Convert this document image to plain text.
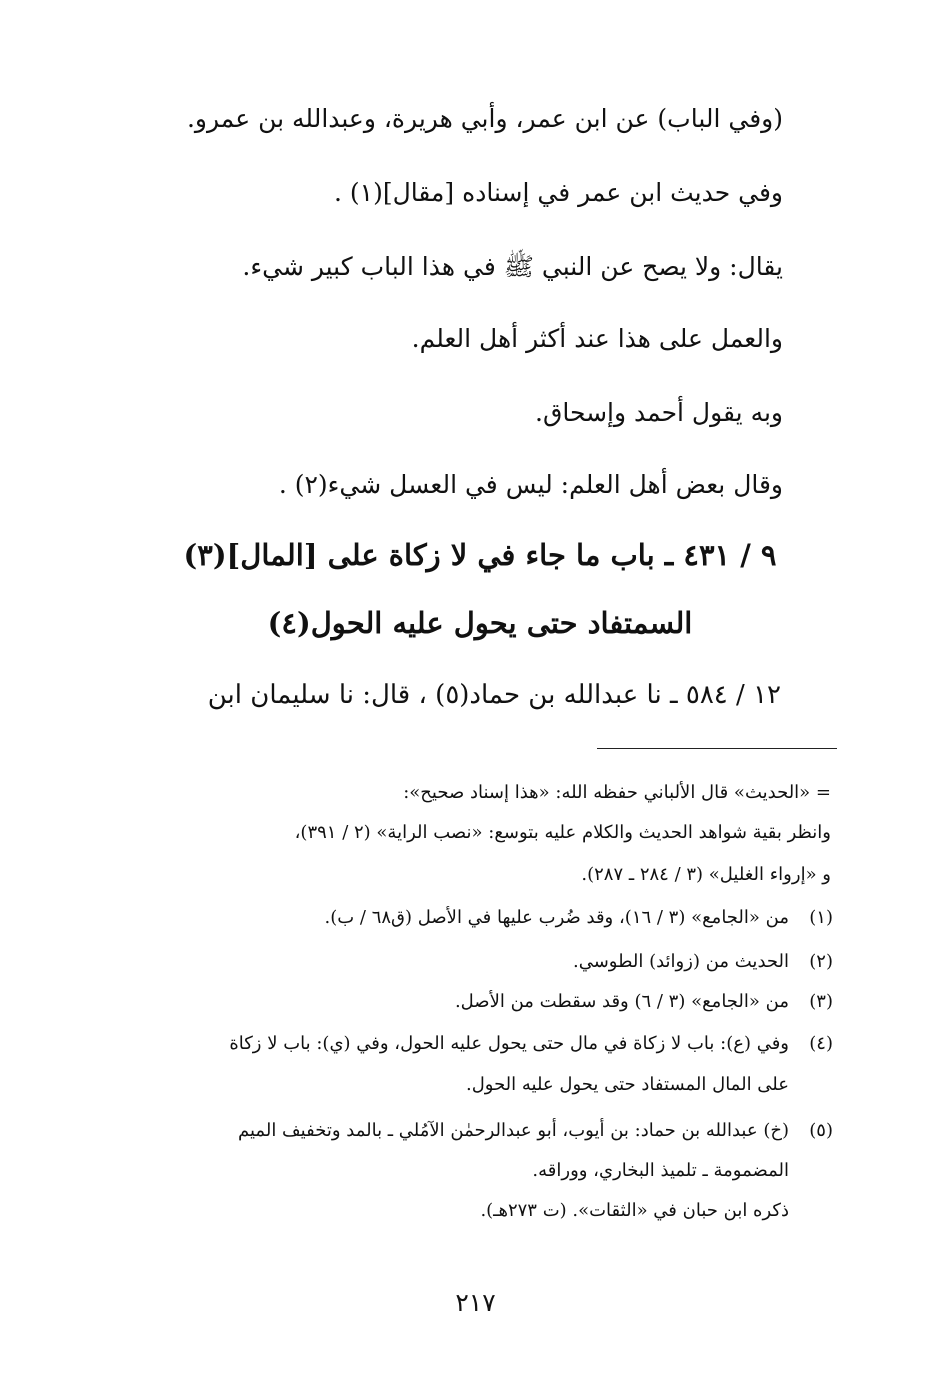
(وفي الباب) عن ابن عمر، وأبي هريرة، وعبدالله بن عمرو.

وفي حديث ابن عمر في إسناده [مقال](١) .

يقال: ولا يصح عن النبي ﷺ في هذا الباب كبير شيء.

والعمل على هذا عند أكثر أهل العلم.

وبه يقول أحمد وإسحاق.

وقال بعض أهل العلم: ليس في العسل شيء(٢) .

٩ / ٤٣١ ـ باب ما جاء في لا زكاة على [المال](٣)

السمتفاد حتى يحول عليه الحول(٤)

١٢ / ٥٨٤ ـ نا عبدالله بن حماد(٥) ، قال: نا سليمان ابن

= «الحديث» قال الألباني حفظه الله: «هذا إسناد صحيح»:

وانظر بقية شواهد الحديث والكلام عليه بتوسع: «نصب الراية» (٢ / ٣٩١)،

و «إرواء الغليل» (٣ / ٢٨٤ ـ ٢٨٧).

(١)

من «الجامع» (٣ / ١٦)، وقد ضُرب عليها في الأصل (ق٦٨ / ب).

(٢)

الحديث من (زوائد) الطوسي.

(٣)

من «الجامع» (٣ / ٦) وقد سقطت من الأصل.

(٤)

وفي (ع): باب لا زكاة في مال حتى يحول عليه الحول، وفي (ي): باب لا زكاة

على المال المستفاد حتى يحول عليه الحول.

(٥)

(خ) عبدالله بن حماد: بن أيوب، أبو عبدالرحمٰن الآمُلي ـ بالمد وتخفيف الميم

المضمومة ـ تلميذ البخاري، ووراقه.

ذكره ابن حبان في «الثقات». (ت ٢٧٣هـ).

٢١٧
